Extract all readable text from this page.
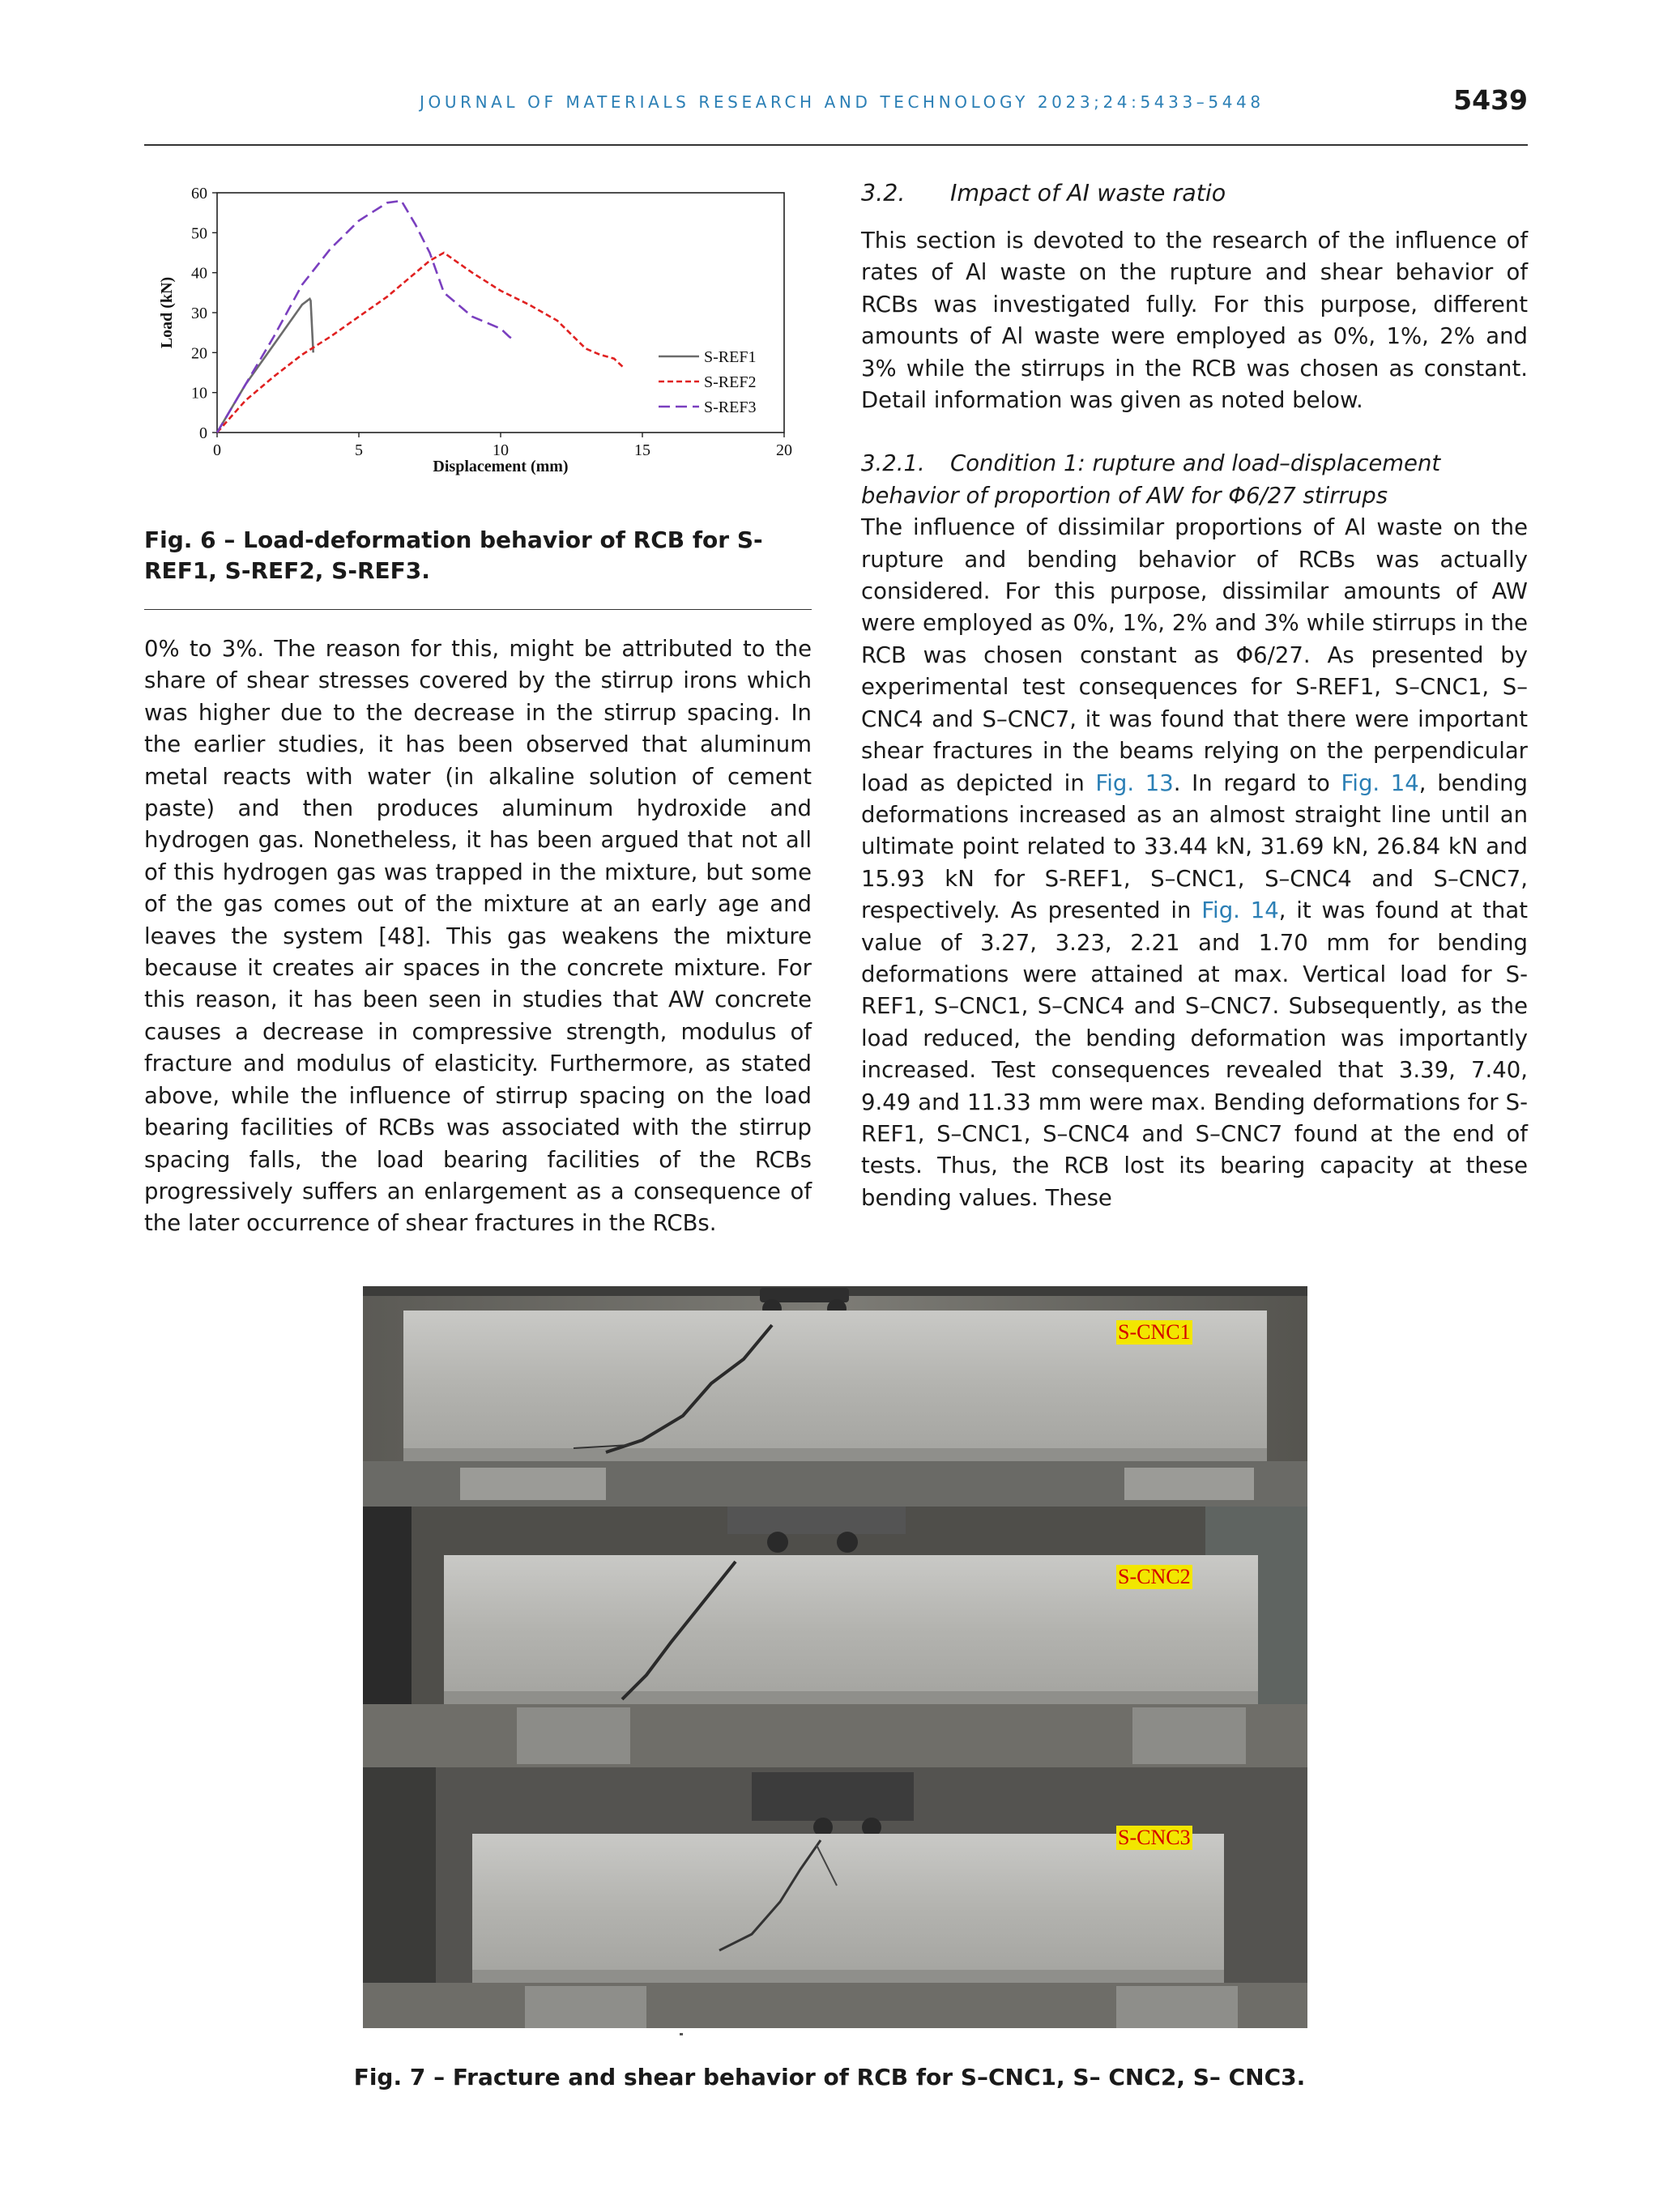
JOURNAL OF MATERIALS RESEARCH AND TECHNOLOGY 2023;24:5433–5448	5439
0
10
20
30
40
50
60
0	5	10	15	20
Displacement (mm)
Load (kN)
S-REF1
S-REF2
S-REF3
Fig. 6 – Load-deformation behavior of RCB for S-REF1, S-REF2, S-REF3.

0% to 3%. The reason for this, might be attributed to the share of shear stresses covered by the stirrup irons which was higher due to the decrease in the stirrup spacing. In the earlier studies, it has been observed that aluminum metal reacts with water (in alkaline solution of cement paste) and then produces aluminum hydroxide and hydrogen gas. Nonetheless, it has been argued that not all of this hydrogen gas was trapped in the mixture, but some of the gas comes out of the mixture at an early age and leaves the system [48]. This gas weakens the mixture because it creates air spaces in the concrete mixture. For this reason, it has been seen in studies that AW concrete causes a decrease in compressive strength, modulus of fracture and modulus of elasticity. Furthermore, as stated above, while the influence of stirrup spacing on the load bearing facilities of RCBs was associated with the stirrup spacing falls, the load bearing facilities of the RCBs progressively suffers an enlargement as a consequence of the later occurrence of shear fractures in the RCBs.

3.2. Impact of AI waste ratio

This section is devoted to the research of the influence of rates of Al waste on the rupture and shear behavior of RCBs was investigated fully. For this purpose, different amounts of Al waste were employed as 0%, 1%, 2% and 3% while the stirrups in the RCB was chosen as constant. Detail information was given as noted below.

3.2.1. Condition 1: rupture and load–displacement behavior of proportion of AW for Φ6/27 stirrups

The influence of dissimilar proportions of Al waste on the rupture and bending behavior of RCBs was actually considered. For this purpose, dissimilar amounts of AW were employed as 0%, 1%, 2% and 3% while stirrups in the RCB was chosen constant as Φ6/27. As presented by experimental test consequences for S-REF1, S–CNC1, S–CNC4 and S–CNC7, it was found that there were important shear fractures in the beams relying on the perpendicular load as depicted in Fig. 13. In regard to Fig. 14, bending deformations increased as an almost straight line until an ultimate point related to 33.44 kN, 31.69 kN, 26.84 kN and 15.93 kN for S-REF1, S–CNC1, S–CNC4 and S–CNC7, respectively. As presented in Fig. 14, it was found at that value of 3.27, 3.23, 2.21 and 1.70 mm for bending deformations were attained at max. Vertical load for S-REF1, S–CNC1, S–CNC4 and S–CNC7. Subsequently, as the load reduced, the bending deformation was importantly increased. Test consequences revealed that 3.39, 7.40, 9.49 and 11.33 mm were max. Bending deformations for S-REF1, S–CNC1, S–CNC4 and S–CNC7 found at the end of tests. Thus, the RCB lost its bearing capacity at these bending values. These

S-CNC1
S-CNC2
S-CNC3
Fig. 7 – Fracture and shear behavior of RCB for S–CNC1, S– CNC2, S– CNC3.
